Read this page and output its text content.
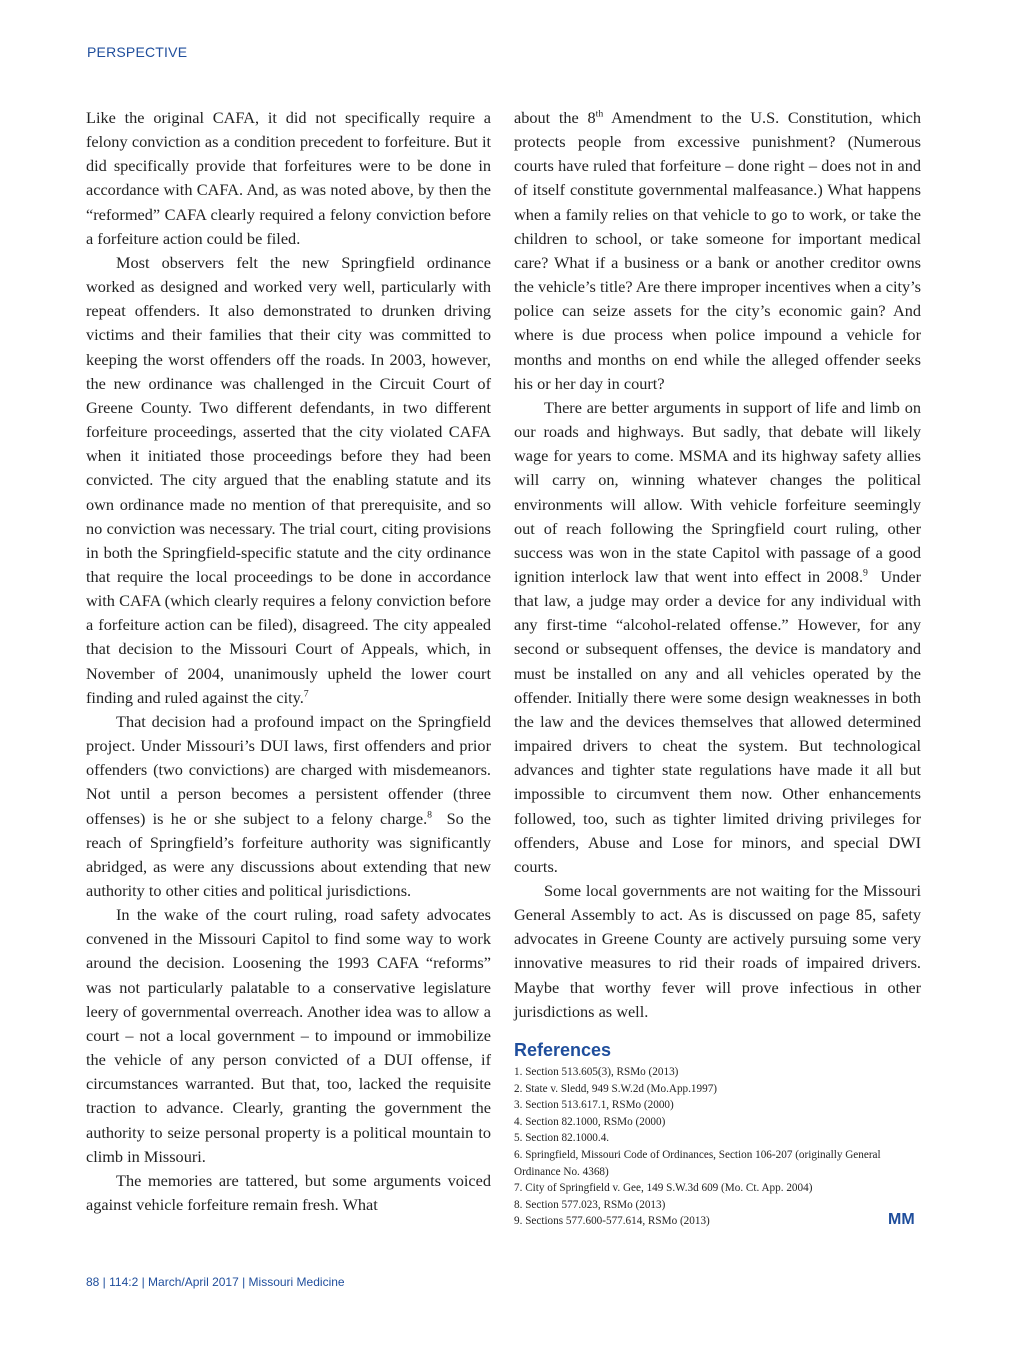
PERSPECTIVE

Like the original CAFA, it did not specifically require a felony conviction as a condition precedent to forfeiture. But it did specifically provide that forfeitures were to be done in accordance with CAFA. And, as was noted above, by then the “reformed” CAFA clearly required a felony conviction before a forfeiture action could be filed.

Most observers felt the new Springfield ordinance worked as designed and worked very well, particularly with repeat offenders. It also demonstrated to drunken driving victims and their families that their city was committed to keeping the worst offenders off the roads. In 2003, however, the new ordinance was challenged in the Circuit Court of Greene County. Two different defendants, in two different forfeiture proceedings, asserted that the city violated CAFA when it initiated those proceedings before they had been convicted. The city argued that the enabling statute and its own ordinance made no mention of that prerequisite, and so no conviction was necessary. The trial court, citing provisions in both the Springfield-specific statute and the city ordinance that require the local proceedings to be done in accordance with CAFA (which clearly requires a felony conviction before a forfeiture action can be filed), disagreed. The city appealed that decision to the Missouri Court of Appeals, which, in November of 2004, unanimously upheld the lower court finding and ruled against the city.$^7$

That decision had a profound impact on the Springfield project. Under Missouri’s DUI laws, first offenders and prior offenders (two convictions) are charged with misdemeanors. Not until a person becomes a persistent offender (three offenses) is he or she subject to a felony charge.$^8$ So the reach of Springfield’s forfeiture authority was significantly abridged, as were any discussions about extending that new authority to other cities and political jurisdictions.

In the wake of the court ruling, road safety advocates convened in the Missouri Capitol to find some way to work around the decision. Loosening the 1993 CAFA “reforms” was not particularly palatable to a conservative legislature leery of governmental overreach. Another idea was to allow a court – not a local government – to impound or immobilize the vehicle of any person convicted of a DUI offense, if circumstances warranted. But that, too, lacked the requisite traction to advance. Clearly, granting the government the authority to seize personal property is a political mountain to climb in Missouri.

The memories are tattered, but some arguments voiced against vehicle forfeiture remain fresh. What

about the 8th Amendment to the U.S. Constitution, which protects people from excessive punishment? (Numerous courts have ruled that forfeiture – done right – does not in and of itself constitute governmental malfeasance.) What happens when a family relies on that vehicle to go to work, or take the children to school, or take someone for important medical care? What if a business or a bank or another creditor owns the vehicle’s title? Are there improper incentives when a city’s police can seize assets for the city’s economic gain? And where is due process when police impound a vehicle for months and months on end while the alleged offender seeks his or her day in court?

There are better arguments in support of life and limb on our roads and highways. But sadly, that debate will likely wage for years to come. MSMA and its highway safety allies will carry on, winning whatever changes the political environments will allow. With vehicle forfeiture seemingly out of reach following the Springfield court ruling, other success was won in the state Capitol with passage of a good ignition interlock law that went into effect in 2008.$^9$ Under that law, a judge may order a device for any individual with any first-time “alcohol-related offense.” However, for any second or subsequent offenses, the device is mandatory and must be installed on any and all vehicles operated by the offender. Initially there were some design weaknesses in both the law and the devices themselves that allowed determined impaired drivers to cheat the system. But technological advances and tighter state regulations have made it all but impossible to circumvent them now. Other enhancements followed, too, such as tighter limited driving privileges for offenders, Abuse and Lose for minors, and special DWI courts.

Some local governments are not waiting for the Missouri General Assembly to act. As is discussed on page 85, safety advocates in Greene County are actively pursuing some very innovative measures to rid their roads of impaired drivers. Maybe that worthy fever will prove infectious in other jurisdictions as well.

References
1. Section 513.605(3), RSMo (2013)
2. State v. Sledd, 949 S.W.2d (Mo.App.1997)
3. Section 513.617.1, RSMo (2000)
4. Section 82.1000, RSMo (2000)
5. Section 82.1000.4.
6. Springfield, Missouri Code of Ordinances, Section 106-207 (originally General Ordinance No. 4368)
7. City of Springfield v. Gee, 149 S.W.3d 609 (Mo. Ct. App. 2004)
8. Section 577.023, RSMo (2013)
9. Sections 577.600-577.614, RSMo (2013)	MM
88 | 114:2 | March/April 2017 | Missouri Medicine
